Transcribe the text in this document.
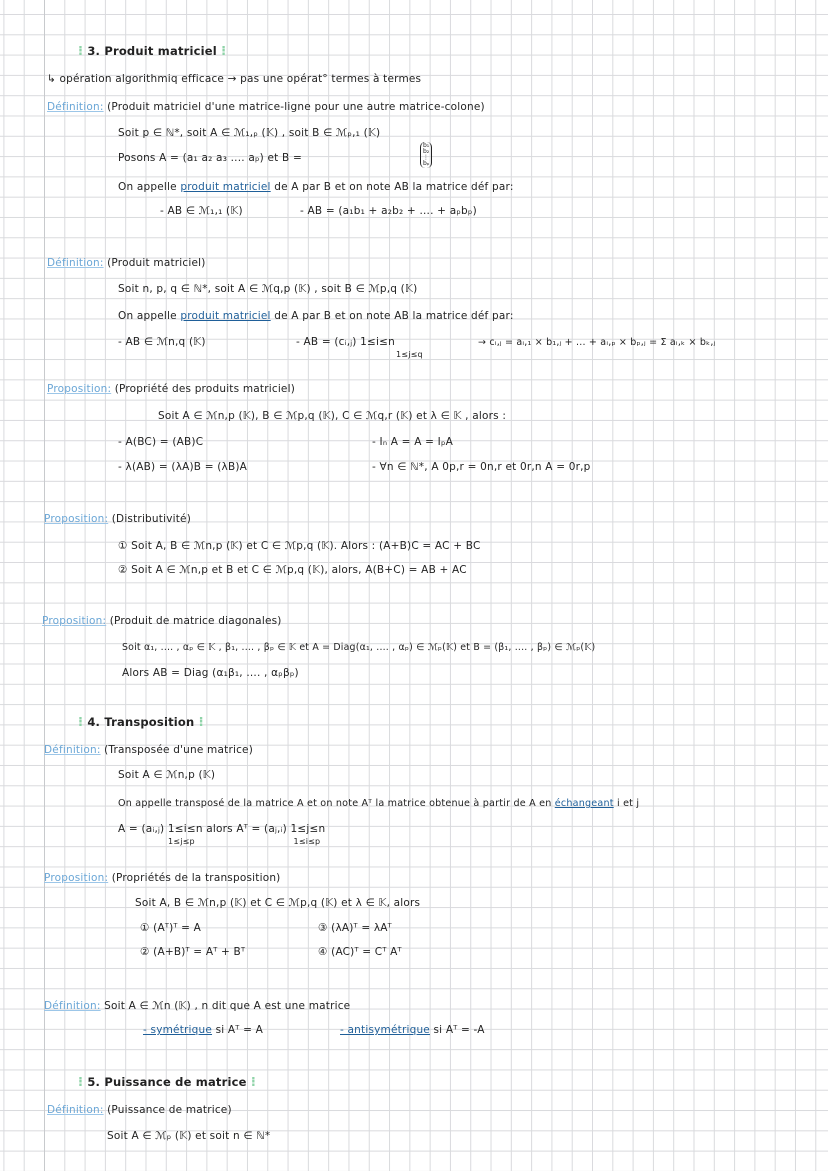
⁝ 3. Produit matriciel ⁝
↳ opération algorithmiq efficace → pas une opérat° termes à termes
Définition: (Produit matriciel d'une matrice-ligne pour une autre matrice-colone)
Soit p ∈ ℕ*, soit A ∈ ℳ₁,ₚ (𝕂) , soit B ∈ ℳₚ,₁ (𝕂)
Posons A = (a₁ a₂ a₃ .... aₚ) et B =
b₁
b₂
⋮
bₚ
On appelle produit matriciel de A par B et on note AB la matrice déf par:
- AB ∈ ℳ₁,₁ (𝕂)	- AB = (a₁b₁ + a₂b₂ + .... + aₚbₚ)
Définition: (Produit matriciel)
Soit n, p, q ∈ ℕ*, soit A ∈ ℳq,p (𝕂) , soit B ∈ ℳp,q (𝕂)
On appelle produit matriciel de A par B et on note AB la matrice déf par:
- AB ∈ ℳn,q (𝕂)	- AB = (cᵢ,ⱼ) 1≤i≤n
1≤j≤q
→ cᵢ,ⱼ = aᵢ,₁ × b₁,ⱼ + ... + aᵢ,ₚ × bₚ,ⱼ = Σ aᵢ,ₖ × bₖ,ⱼ
Proposition: (Propriété des produits matriciel)
Soit A ∈ ℳn,p (𝕂), B ∈ ℳp,q (𝕂), C ∈ ℳq,r (𝕂) et λ ∈ 𝕂 , alors :
- A(BC) = (AB)C	- Iₙ A = A = IₚA
- λ(AB) = (λA)B = (λB)A	- ∀n ∈ ℕ*, A 0p,r = 0n,r et 0r,n A = 0r,p
Proposition: (Distributivité)
① Soit A, B ∈ ℳn,p (𝕂) et C ∈ ℳp,q (𝕂). Alors : (A+B)C = AC + BC
② Soit A ∈ ℳn,p et B et C ∈ ℳp,q (𝕂), alors, A(B+C) = AB + AC
Proposition: (Produit de matrice diagonales)
Soit α₁, .... , αₚ ∈ 𝕂 , β₁, .... , βₚ ∈ 𝕂 et A = Diag(α₁, .... , αₚ) ∈ ℳₚ(𝕂) et B = (β₁, .... , βₚ) ∈ ℳₚ(𝕂)
Alors AB = Diag (α₁β₁, .... , αₚβₚ)
⁝ 4. Transposition ⁝
Définition: (Transposée d'une matrice)
Soit A ∈ ℳn,p (𝕂)
On appelle transposé de la matrice A et on note Aᵀ la matrice obtenue à partir de A en échangeant i et j
A = (aᵢ,ⱼ) 1≤i≤n alors Aᵀ = (aⱼ,ᵢ) 1≤j≤n
1≤j≤p                                    1≤i≤p
Proposition: (Propriétés de la transposition)
Soit A, B ∈ ℳn,p (𝕂) et C ∈ ℳp,q (𝕂) et λ ∈ 𝕂, alors
① (Aᵀ)ᵀ = A	③ (λA)ᵀ = λAᵀ
② (A+B)ᵀ = Aᵀ + Bᵀ	④ (AC)ᵀ = Cᵀ Aᵀ
Définition: Soit A ∈ ℳn (𝕂) , n dit que A est une matrice
- symétrique si Aᵀ = A	- antisymétrique si Aᵀ = -A
⁝ 5. Puissance de matrice ⁝
Définition: (Puissance de matrice)
Soit A ∈ ℳₚ (𝕂) et soit n ∈ ℕ*
